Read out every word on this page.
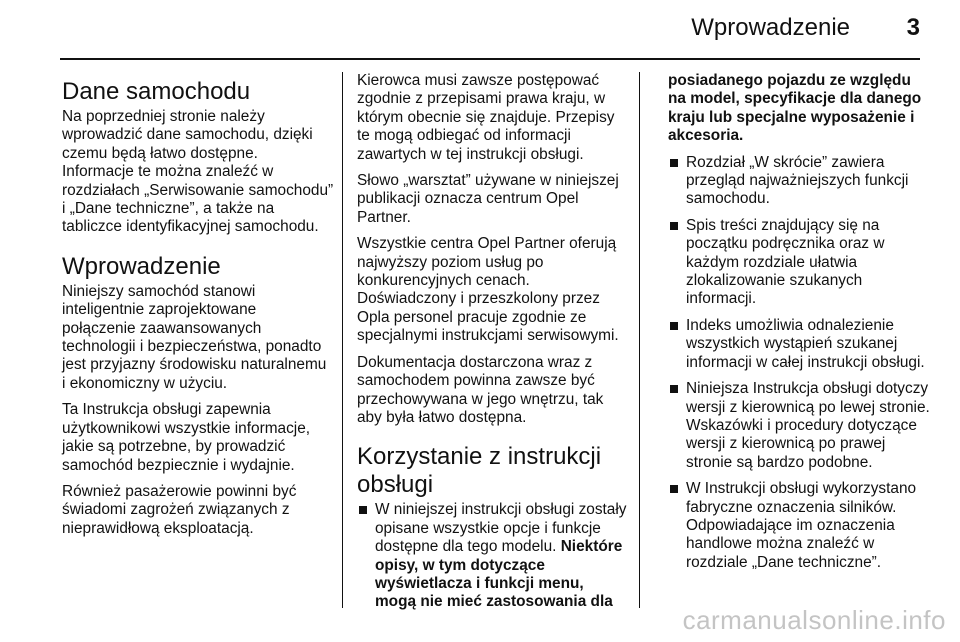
Wprowadzenie 3
Dane samochodu

Na poprzedniej stronie należy wprowadzić dane samochodu, dzięki czemu będą łatwo dostępne. Informacje te można znaleźć w rozdziałach „Serwisowanie samochodu” i „Dane techniczne”, a także na tabliczce identyfikacyjnej samochodu.

Wprowadzenie

Niniejszy samochód stanowi inteligentnie zaprojektowane połączenie zaawansowanych technologii i bezpieczeństwa, ponadto jest przyjazny środowisku naturalnemu i ekonomiczny w użyciu.

Ta Instrukcja obsługi zapewnia użytkownikowi wszystkie informacje, jakie są potrzebne, by prowadzić samochód bezpiecznie i wydajnie.

Również pasażerowie powinni być świadomi zagrożeń związanych z nieprawidłową eksploatacją.

Kierowca musi zawsze postępować zgodnie z przepisami prawa kraju, w którym obecnie się znajduje. Przepisy te mogą odbiegać od informacji zawartych w tej instrukcji obsługi.

Słowo „warsztat” używane w niniejszej publikacji oznacza centrum Opel Partner.

Wszystkie centra Opel Partner oferują najwyższy poziom usług po konkurencyjnych cenach. Doświadczony i przeszkolony przez Opla personel pracuje zgodnie ze specjalnymi instrukcjami serwisowymi.

Dokumentacja dostarczona wraz z samochodem powinna zawsze być przechowywana w jego wnętrzu, tak aby była łatwo dostępna.

Korzystanie z instrukcji obsługi
W niniejszej instrukcji obsługi zostały opisane wszystkie opcje i funkcje dostępne dla tego modelu. Niektóre opisy, w tym dotyczące wyświetlacza i funkcji menu, mogą nie mieć zastosowania dla

posiadanego pojazdu ze względu na model, specyfikacje dla danego kraju lub specjalne wyposażenie i akcesoria.

Rozdział „W skrócie” zawiera przegląd najważniejszych funkcji samochodu.
Spis treści znajdujący się na początku podręcznika oraz w każdym rozdziale ułatwia zlokalizowanie szukanych informacji.
Indeks umożliwia odnalezienie wszystkich wystąpień szukanej informacji w całej instrukcji obsługi.
Niniejsza Instrukcja obsługi dotyczy wersji z kierownicą po lewej stronie. Wskazówki i procedury dotyczące wersji z kierownicą po prawej stronie są bardzo podobne.
W Instrukcji obsługi wykorzystano fabryczne oznaczenia silników. Odpowiadające im oznaczenia handlowe można znaleźć w rozdziale „Dane techniczne”.
carmanualsonline.info
